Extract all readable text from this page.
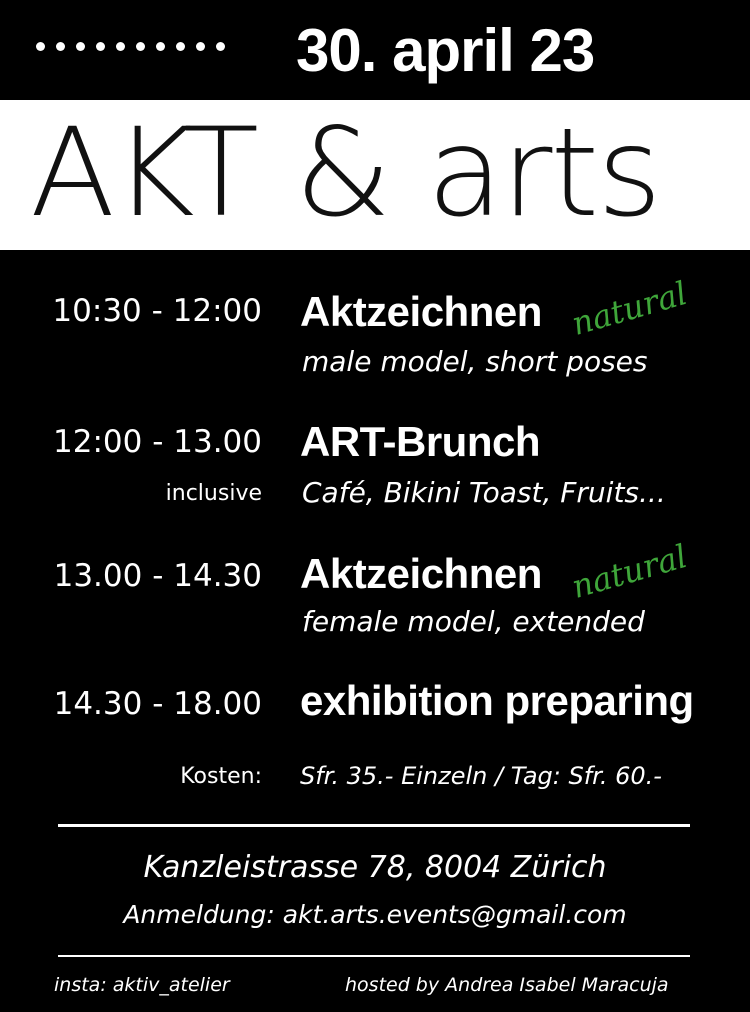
30. april 23
AKT & arts
10:30 - 12:00 Aktzeichnen natural
male model, short poses
12:00 - 13.00 ART-Brunch
inclusive Café, Bikini Toast, Fruits...
13.00 - 14.30 Aktzeichnen natural
female model, extended
14.30 - 18.00 exhibition preparing
Kosten: Sfr. 35.- Einzeln / Tag: Sfr. 60.-
Kanzleistrasse 78, 8004 Zürich
Anmeldung: akt.arts.events@gmail.com
insta: aktiv_atelier	hosted by Andrea Isabel Maracuja
